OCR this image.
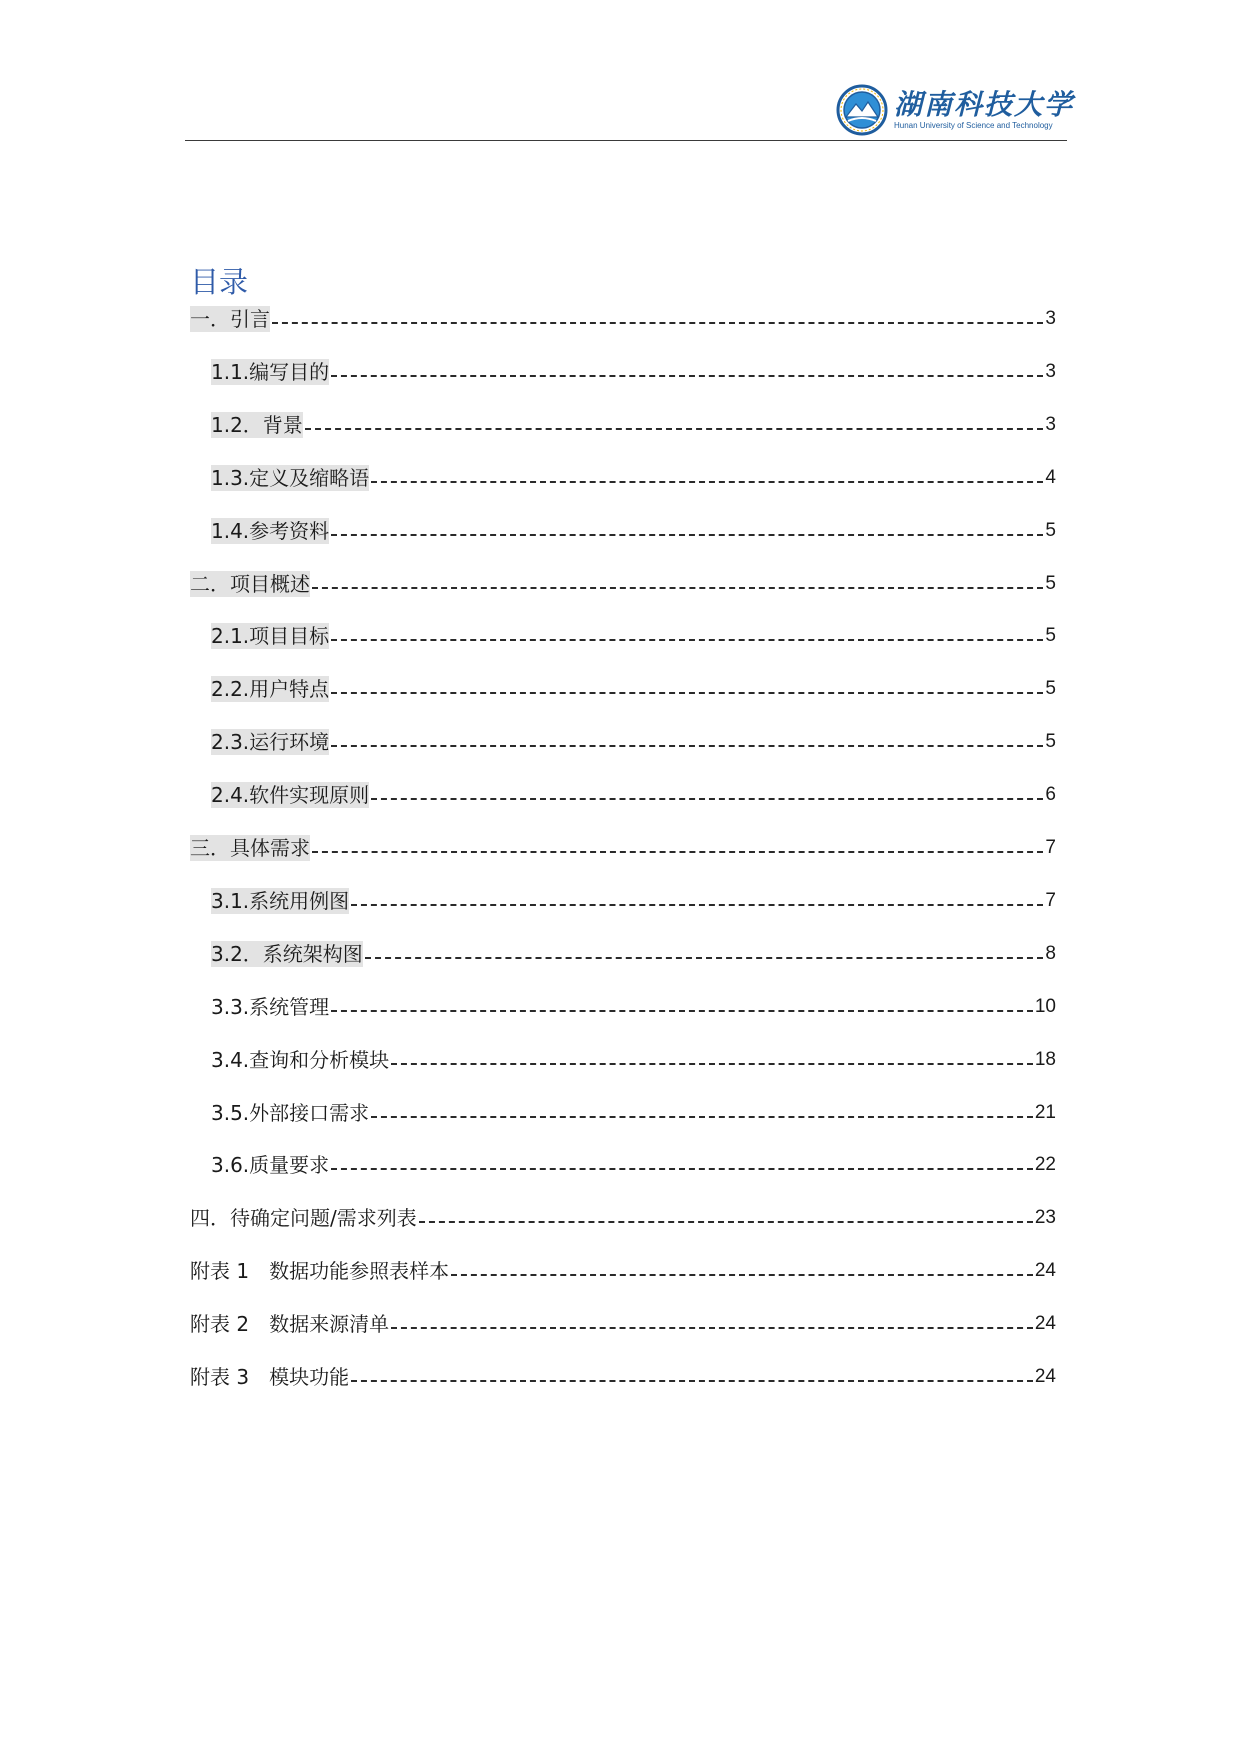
湖南科技大学
Hunan University of Science and Technology
目录
一．引言	3
1.1.编写目的	3
1.2．背景	3
1.3.定义及缩略语	4
1.4.参考资料	5
二．项目概述	5
2.1.项目目标	5
2.2.用户特点	5
2.3.运行环境	5
2.4.软件实现原则	6
三．具体需求	7
3.1.系统用例图	7
3.2．系统架构图	8
3.3.系统管理	10
3.4.查询和分析模块	18
3.5.外部接口需求	21
3.6.质量要求	22
四．待确定问题/需求列表	23
附表 1　数据功能参照表样本	24
附表 2　数据来源清单	24
附表 3　模块功能	24
